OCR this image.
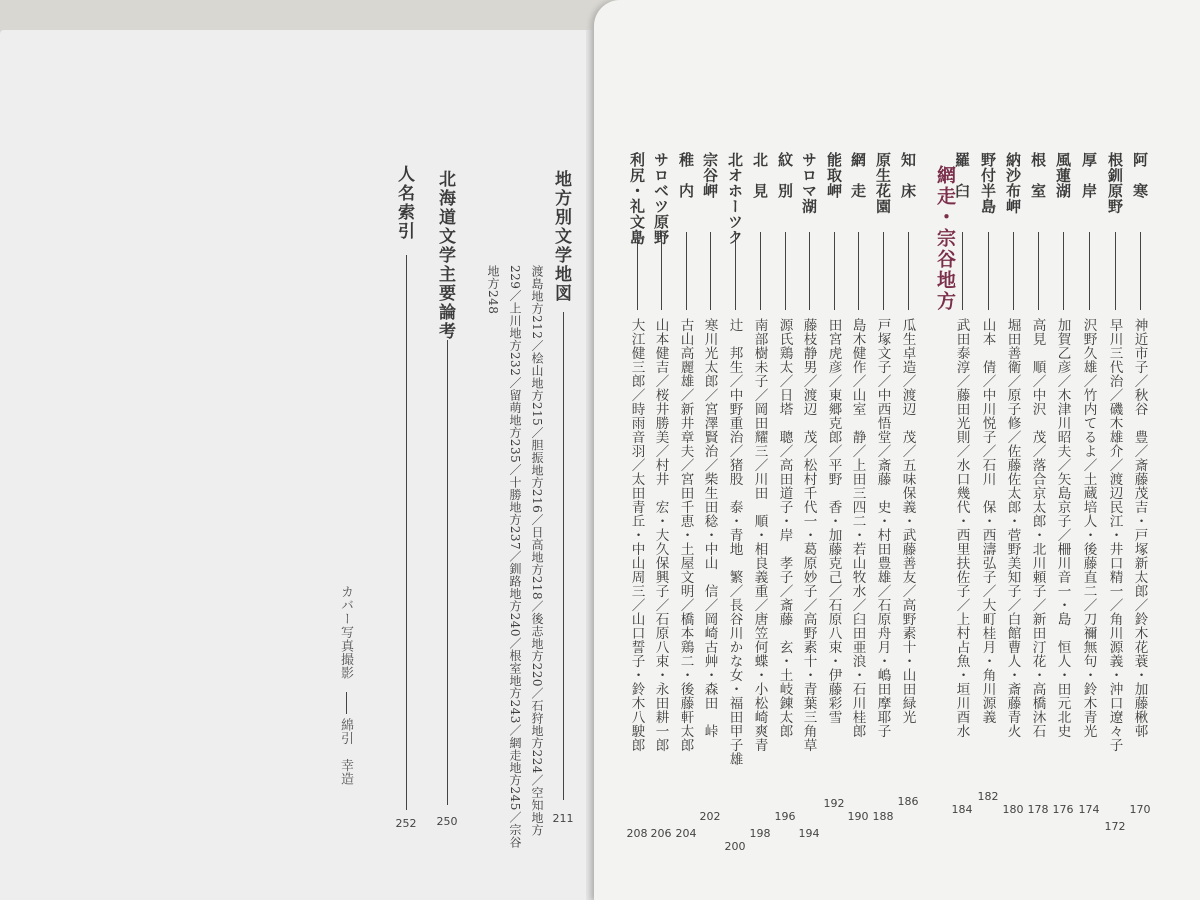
阿　寒
神近市子／秋谷　豊／斎藤茂吉・戸塚新太郎／鈴木花蓑・加藤楸邨
170
根釧原野
早川三代治／磯木雄介／渡辺民江・井口精一／角川源義・沖口遼々子
172
厚　岸
沢野久雄／竹内てるよ／土蔵培人・後藤直二／刀禰無句・鈴木青光
174
風蓮湖
加賀乙彦／木津川昭夫／矢島京子／柵川音一・島　恒人・田元北史
176
根　室
高見　順／中沢　茂／落合京太郎・北川頼子／新田汀花・高橋沐石
178
納沙布岬
堀田善衛／原子修／佐藤佐太郎・菅野美知子／白館曹人・斎藤青火
180
野付半島
山本　倩／中川悦子／石川　保・西濤弘子／大町桂月・角川源義
182
羅　臼
武田泰淳／藤田光則／水口幾代・西里扶佐子／上村占魚・垣川酉水
184
知　床
瓜生卓造／渡辺　茂／五味保義・武藤善友／高野素十・山田緑光
186
原生花園
戸塚文子／中西悟堂／斎藤　史・村田豊雄／石原舟月・嶋田摩耶子
188
網　走
島木健作／山室　静／上田三四二・若山牧水／臼田亜浪・石川桂郎
190
能取岬
田宮虎彦／東郷克郎／平野　香・加藤克己／石原八束・伊藤彩雪
192
サロマ湖
藤枝静男／渡辺　茂／松村千代一・葛原妙子／高野素十・青葉三角草
194
紋　別
源氏鶏太／日塔　聰／高田道子・岸　孝子／斎藤　玄・土岐錬太郎
196
北　見
南部樹未子／岡田耀三／川田　順・相良義重／唐笠何蝶・小松崎爽青
198
北オホーツク
辻　邦生／中野重治／猪股　泰・青地　繁／長谷川かな女・福田甲子雄
200
宗谷岬
寒川光太郎／宮澤賢治／柴生田稔・中山　信／岡崎古艸・森田　峠
202
稚　内
古山高麗雄／新井章夫／宮田千恵・土屋文明／橋本鶏二・後藤軒太郎
204
サロベツ原野
山本健吉／桜井勝美／村井　宏・大久保興子／石原八束・永田耕一郎
206
利尻・礼文島
大江健三郎／時雨音羽／太田青丘・中山周三／山口誓子・鈴木八駛郎
208
網走・宗谷地方
地方別文学地図
211
渡島地方212／桧山地方215／胆振地方216／日高地方218／後志地方220／石狩地方224／空知地方
229／上川地方232／留萌地方235／十勝地方237／釧路地方240／根室地方243／網走地方245／宗谷
地方248
北海道文学主要論考
250
人名索引
252
カバー写真撮影
綿引　幸造
